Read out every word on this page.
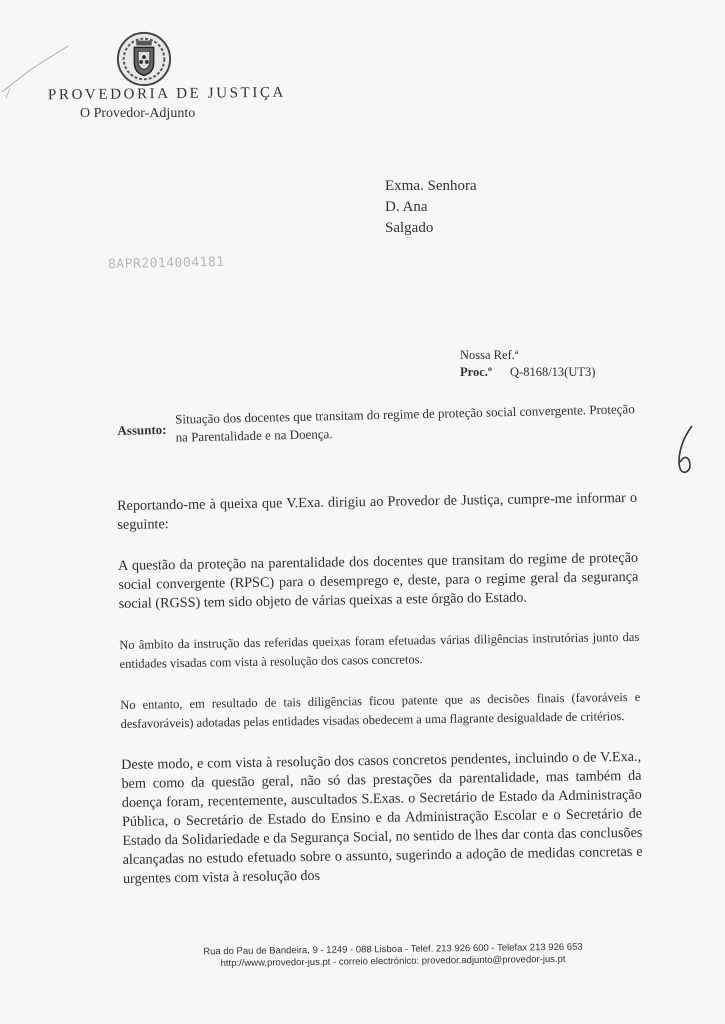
PROVEDORIA DE JUSTIÇA
O Provedor-Adjunto
Exma. Senhora
D. Ana
Salgado
8APR2014004181
Nossa Ref.ª
Proc.º Q-8168/13(UT3)
Assunto:
Situação dos docentes que transitam do regime de proteção social convergente. Proteção na Parentalidade e na Doença.
6

Reportando-me à queixa que V.Exa. dirigiu ao Provedor de Justiça, cumpre-me informar o seguinte:

A questão da proteção na parentalidade dos docentes que transitam do regime de proteção social convergente (RPSC) para o desemprego e, deste, para o regime geral da segurança social (RGSS) tem sido objeto de várias queixas a este órgão do Estado.

No âmbito da instrução das referidas queixas foram efetuadas várias diligências instrutórias junto das entidades visadas com vista à resolução dos casos concretos.

No entanto, em resultado de tais diligências ficou patente que as decisões finais (favoráveis e desfavoráveis) adotadas pelas entidades visadas obedecem a uma flagrante desigualdade de critérios.

Deste modo, e com vista à resolução dos casos concretos pendentes, incluindo o de V.Exa., bem como da questão geral, não só das prestações da parentalidade, mas também da doença foram, recentemente, auscultados S.Exas. o Secretário de Estado da Administração Pública, o Secretário de Estado do Ensino e da Administração Escolar e o Secretário de Estado da Solidariedade e da Segurança Social, no sentido de lhes dar conta das conclusões alcançadas no estudo efetuado sobre o assunto, sugerindo a adoção de medidas concretas e urgentes com vista à resolução dos

Rua do Pau de Bandeira, 9 - 1249 - 088 Lisboa - Telef. 213 926 600 - Telefax 213 926 653
http://www.provedor-jus.pt - correio electrónico: provedor.adjunto@provedor-jus.pt
